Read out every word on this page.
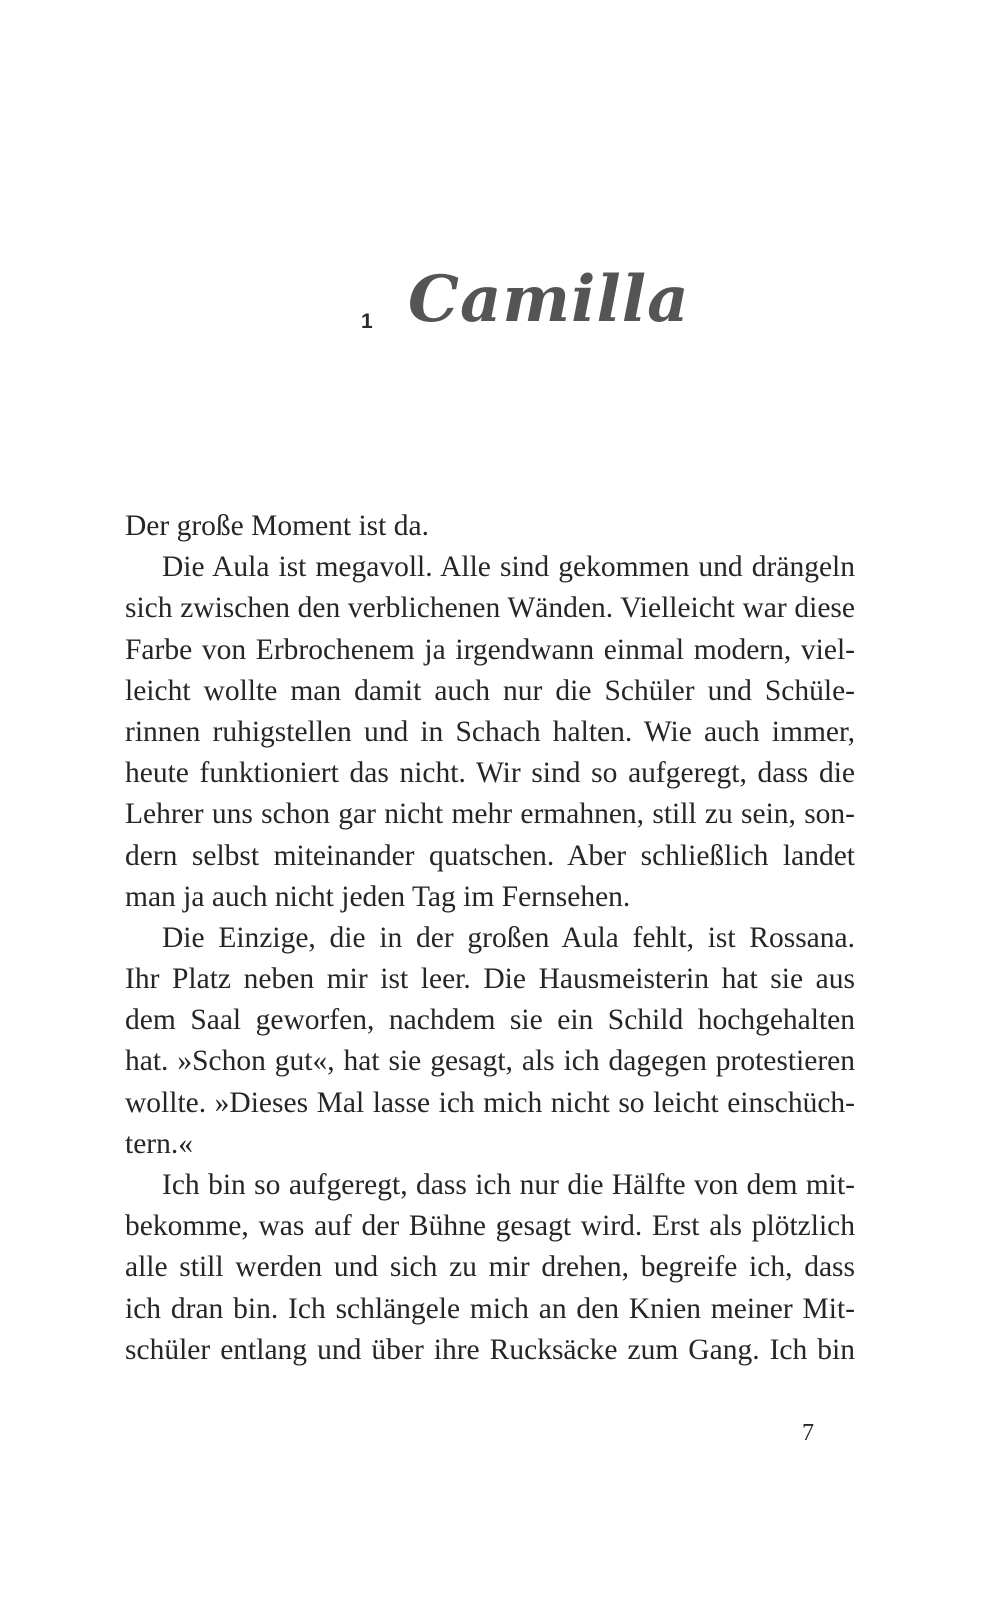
1 Camilla
Der große Moment ist da.
Die Aula ist megavoll. Alle sind gekommen und drängeln
sich zwischen den verblichenen Wänden. Vielleicht war diese
Farbe von Erbrochenem ja irgendwann einmal modern, viel-
leicht wollte man damit auch nur die Schüler und Schüle-
rinnen ruhigstellen und in Schach halten. Wie auch immer,
heute funktioniert das nicht. Wir sind so aufgeregt, dass die
Lehrer uns schon gar nicht mehr ermahnen, still zu sein, son-
dern selbst miteinander quatschen. Aber schließlich landet
man ja auch nicht jeden Tag im Fernsehen.
Die Einzige, die in der großen Aula fehlt, ist Rossana.
Ihr Platz neben mir ist leer. Die Hausmeisterin hat sie aus
dem Saal geworfen, nachdem sie ein Schild hochgehalten
hat. »Schon gut«, hat sie gesagt, als ich dagegen protestieren
wollte. »Dieses Mal lasse ich mich nicht so leicht einschüch-
tern.«
Ich bin so aufgeregt, dass ich nur die Hälfte von dem mit-
bekomme, was auf der Bühne gesagt wird. Erst als plötzlich
alle still werden und sich zu mir drehen, begreife ich, dass
ich dran bin. Ich schlängele mich an den Knien meiner Mit-
schüler entlang und über ihre Rucksäcke zum Gang. Ich bin
7
